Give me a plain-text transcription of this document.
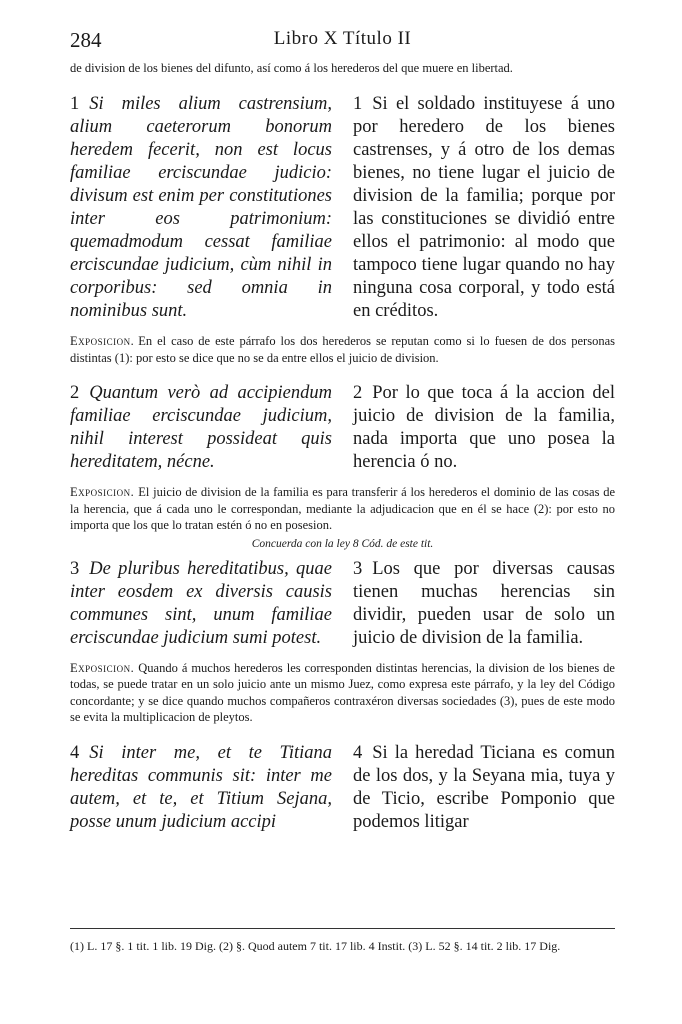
284	Libro X Título II
de division de los bienes del difunto, así como á los herederos del que muere en libertad.
1 Si miles alium castrensium, alium caeterorum bonorum heredem fecerit, non est locus familiae erciscundae judicio: divisum est enim per constitutiones inter eos patrimonium: quemadmodum cessat familiae erciscundae judicium, cùm nihil in corporibus: sed omnia in nominibus sunt.
1 Si el soldado instituyese á uno por heredero de los bienes castrenses, y á otro de los demas bienes, no tiene lugar el juicio de division de la familia; porque por las constituciones se dividió entre ellos el patrimonio: al modo que tampoco tiene lugar quando no hay ninguna cosa corporal, y todo está en créditos.
Exposicion. En el caso de este párrafo los dos herederos se reputan como si lo fuesen de dos personas distintas (1): por esto se dice que no se da entre ellos el juicio de division.
2 Quantum verò ad accipiendum familiae erciscundae judicium, nihil interest possideat quis hereditatem, nécne.
2 Por lo que toca á la accion del juicio de division de la familia, nada importa que uno posea la herencia ó no.
Exposicion. El juicio de division de la familia es para transferir á los herederos el dominio de las cosas de la herencia, que á cada uno le correspondan, mediante la adjudicacion que en él se hace (2): por esto no importa que los que lo tratan estén ó no en posesion.
Concuerda con la ley 8 Cód. de este tit.
3 De pluribus hereditatibus, quae inter eosdem ex diversis causis communes sint, unum familiae erciscundae judicium sumi potest.
3 Los que por diversas causas tienen muchas herencias sin dividir, pueden usar de solo un juicio de division de la familia.
Exposicion. Quando á muchos herederos les corresponden distintas herencias, la division de los bienes de todas, se puede tratar en un solo juicio ante un mismo Juez, como expresa este párrafo, y la ley del Código concordante; y se dice quando muchos compañeros contraxéron diversas sociedades (3), pues de este modo se evita la multiplicacion de pleytos.
4 Si inter me, et te Titiana hereditas communis sit: inter me autem, et te, et Titium Sejana, posse unum judicium accipi
4 Si la heredad Ticiana es comun de los dos, y la Seyana mia, tuya y de Ticio, escribe Pomponio que podemos litigar
(1) L. 17 §. 1 tit. 1 lib. 19 Dig. (2) §. Quod autem 7 tit. 17 lib. 4 Instit. (3) L. 52 §. 14 tit. 2 lib. 17 Dig.
